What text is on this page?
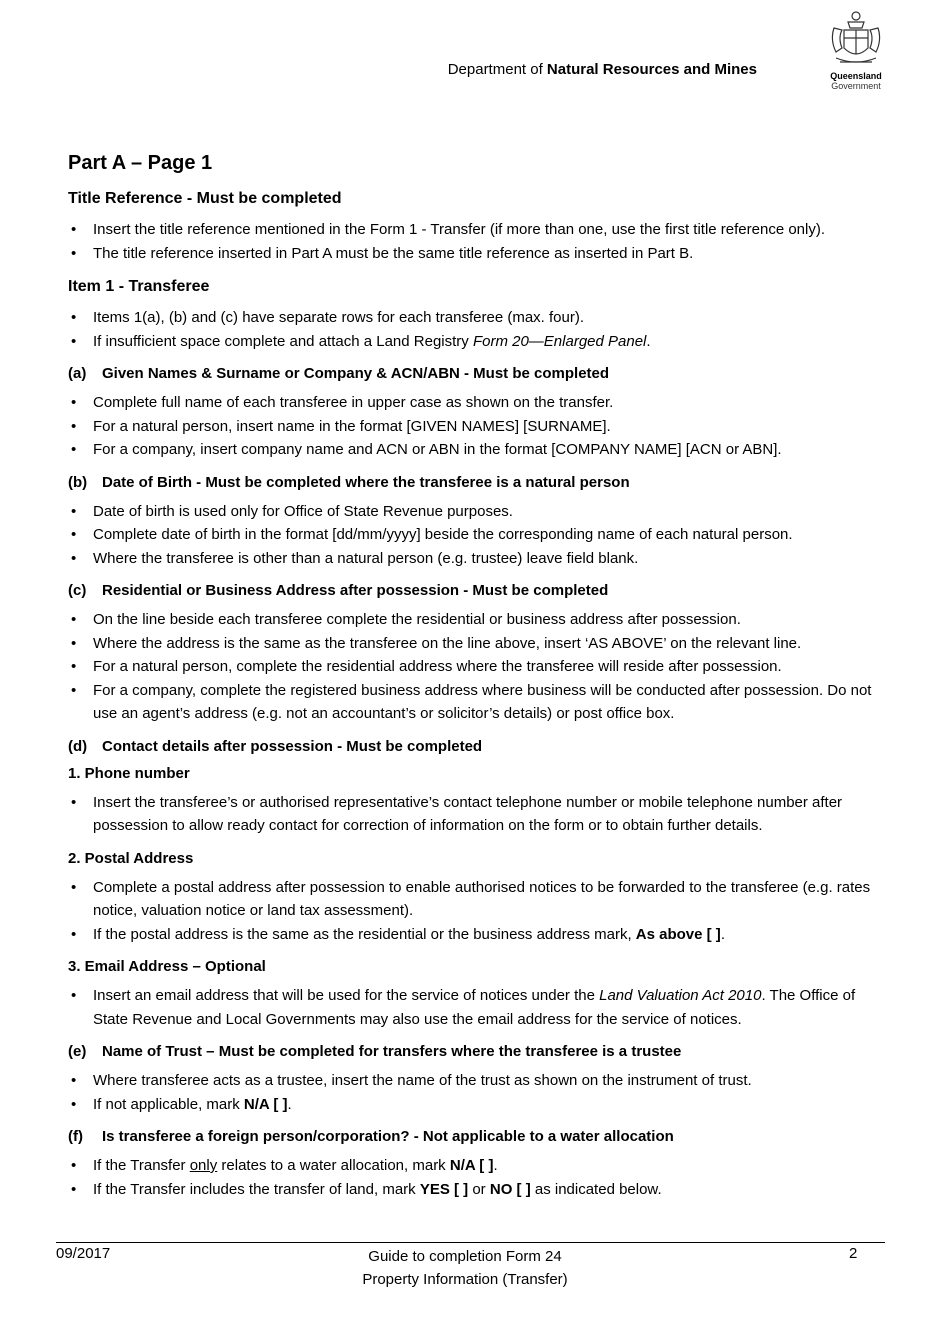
Department of Natural Resources and Mines	Queensland
Government
Part A – Page 1
Title Reference - Must be completed
• Insert the title reference mentioned in the Form 1 - Transfer (if more than one, use the first title reference only).
• The title reference inserted in Part A must be the same title reference as inserted in Part B.
Item 1 - Transferee
• Items 1(a), (b) and (c) have separate rows for each transferee (max. four).
• If insufficient space complete and attach a Land Registry Form 20—Enlarged Panel.
(a) Given Names & Surname or Company & ACN/ABN - Must be completed
• Complete full name of each transferee in upper case as shown on the transfer.
• For a natural person, insert name in the format [GIVEN NAMES] [SURNAME].
• For a company, insert company name and ACN or ABN in the format [COMPANY NAME] [ACN or ABN].
(b) Date of Birth - Must be completed where the transferee is a natural person
• Date of birth is used only for Office of State Revenue purposes.
• Complete date of birth in the format [dd/mm/yyyy] beside the corresponding name of each natural person.
• Where the transferee is other than a natural person (e.g. trustee) leave field blank.
(c) Residential or Business Address after possession - Must be completed
• On the line beside each transferee complete the residential or business address after possession.
• Where the address is the same as the transferee on the line above, insert ‘AS ABOVE’ on the relevant line.
• For a natural person, complete the residential address where the transferee will reside after possession.
• For a company, complete the registered business address where business will be conducted after possession. Do not use an agent’s address (e.g. not an accountant’s or solicitor’s details) or post office box.
(d) Contact details after possession - Must be completed
1. Phone number
• Insert the transferee’s or authorised representative’s contact telephone number or mobile telephone number after possession to allow ready contact for correction of information on the form or to obtain further details.
2. Postal Address
• Complete a postal address after possession to enable authorised notices to be forwarded to the transferee (e.g. rates notice, valuation notice or land tax assessment).
• If the postal address is the same as the residential or the business address mark, As above [ ].
3. Email Address – Optional
• Insert an email address that will be used for the service of notices under the Land Valuation Act 2010. The Office of State Revenue and Local Governments may also use the email address for the service of notices.
(e) Name of Trust – Must be completed for transfers where the transferee is a trustee
• Where transferee acts as a trustee, insert the name of the trust as shown on the instrument of trust.
• If not applicable, mark N/A [ ].
(f) Is transferee a foreign person/corporation? - Not applicable to a water allocation
• If the Transfer only relates to a water allocation, mark N/A [ ].
• If the Transfer includes the transfer of land, mark YES [ ] or NO [ ] as indicated below.
09/2017	Guide to completion Form 24
Property Information (Transfer)
2
